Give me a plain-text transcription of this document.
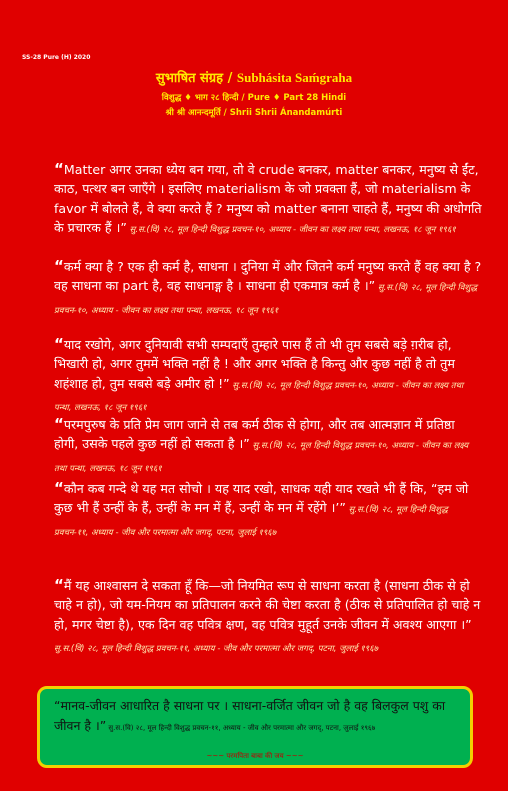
SS-28 Pure (H) 2020
सुभाषित संग्रह / Subhásita Saḿgraha
विशुद्ध ♦ भाग २८ हिन्दी / Pure ♦ Part 28 Hindi
श्री श्री आनन्दमूर्ति / Shrii Shrii Ánandamúrti
“Matter अगर उनका ध्येय बन गया, तो वे crude बनकर, matter बनकर, मनुष्य से ईंट, काठ, पत्थर बन जाएँगे । इसलिए materialism के जो प्रवक्ता हैं, जो materialism के favor में बोलते हैं, वे क्या करते हैं ? मनुष्य को matter बनाना चाहते हैं, मनुष्य की अधोगति के प्रचारक हैं ।” सु.स.(वि) २८, मूल हिन्दी विशुद्ध प्रवचन-१०, अध्याय - जीवन का लक्ष्य तथा पन्था, लखनऊ, १८ जून १९६१
“कर्म क्या है ? एक ही कर्म है, साधना । दुनिया में और जितने कर्म मनुष्य करते हैं वह क्या है ? वह साधना का part है, वह साधनाङ्ग है । साधना ही एकमात्र कर्म है ।” सु.स.(वि) २८, मूल हिन्दी विशुद्ध प्रवचन-१०, अध्याय - जीवन का लक्ष्य तथा पन्था, लखनऊ, १८ जून १९६१
“याद रखोगे, अगर दुनियावी सभी सम्पदाएँ तुम्हारे पास हैं तो भी तुम सबसे बड़े ग़रीब हो, भिखारी हो, अगर तुममें भक्ति नहीं है ! और अगर भक्ति है किन्तु और कुछ नहीं है तो तुम शहंशाह हो, तुम सबसे बड़े अमीर हो !” सु.स.(वि) २८, मूल हिन्दी विशुद्ध प्रवचन-१०, अध्याय - जीवन का लक्ष्य तथा पन्था, लखनऊ, १८ जून १९६१
“परमपुरुष के प्रति प्रेम जाग जाने से तब कर्म ठीक से होगा, और तब आत्मज्ञान में प्रतिष्ठा होगी, उसके पहले कुछ नहीं हो सकता है ।” सु.स.(वि) २८, मूल हिन्दी विशुद्ध प्रवचन-१०, अध्याय - जीवन का लक्ष्य तथा पन्था, लखनऊ, १८ जून १९६१
“कौन कब गन्दे थे यह मत सोचो । यह याद रखो, साधक यही याद रखते भी हैं कि, “हम जो कुछ भी हैं उन्हीं के हैं, उन्हीं के मन में हैं, उन्हीं के मन में रहेंगे ।’” सु.स.(वि) २८, मूल हिन्दी विशुद्ध प्रवचन-११, अध्याय - जीव और परमात्मा और जगद्, पटना, जुलाई १९६७
“मैं यह आश्वासन दे सकता हूँ कि—जो नियमित रूप से साधना करता है (साधना ठीक से हो चाहे न हो), जो यम-नियम का प्रतिपालन करने की चेष्टा करता है (ठीक से प्रतिपालित हो चाहे न हो, मगर चेष्टा है), एक दिन वह पवित्र क्षण, वह पवित्र मुहूर्त उनके जीवन में अवश्य आएगा ।” सु.स.(वि) २८, मूल हिन्दी विशुद्ध प्रवचन-११, अध्याय - जीव और परमात्मा और जगद्, पटना, जुलाई १९६७
“मानव-जीवन आधारित है साधना पर । साधना-वर्जित जीवन जो है वह बिलकुल पशु का जीवन है ।” सु.स.(वि) २८, मूल हिन्दी विशुद्ध प्रवचन-११, अध्याय - जीव और परमात्मा और जगद्, पटना, जुलाई १९६७
~~~ परमपिता बाबा की जय ~~~
